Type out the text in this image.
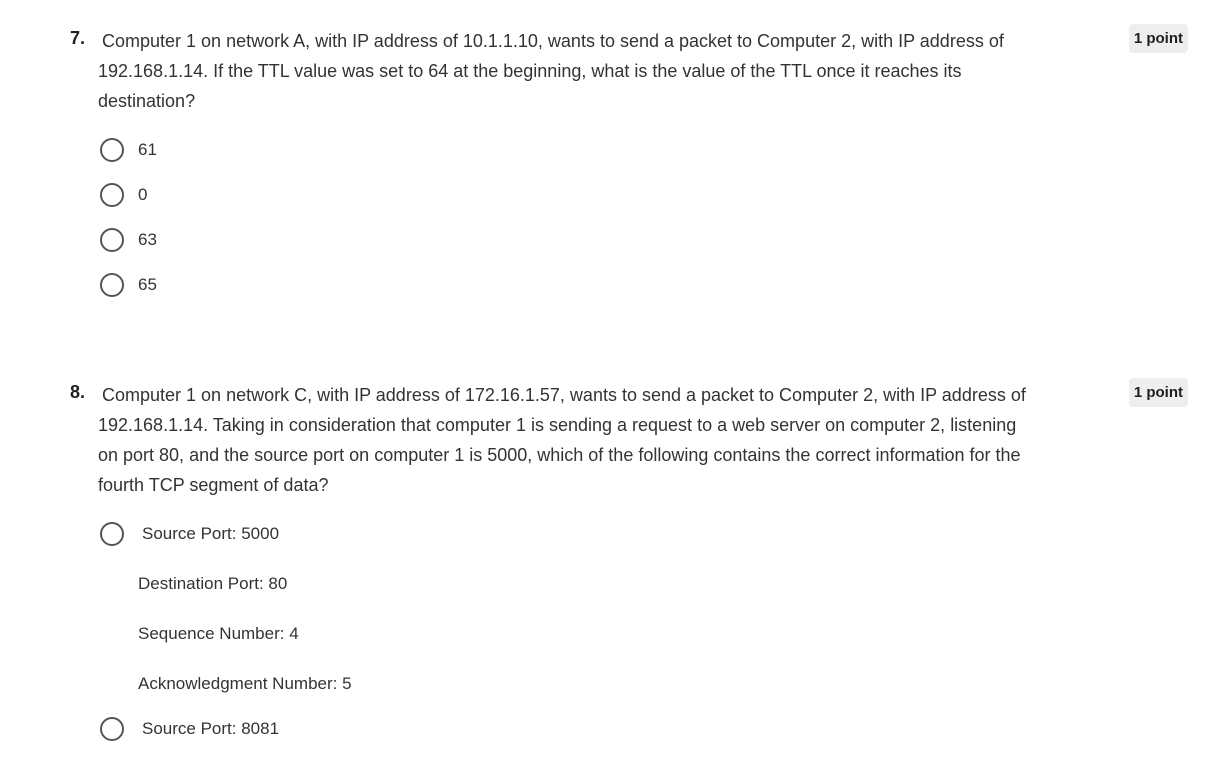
7. Computer 1 on network A, with IP address of 10.1.1.10, wants to send a packet to Computer 2, with IP address of 192.168.1.14. If the TTL value was set to 64 at the beginning, what is the value of the TTL once it reaches its destination?
1 point
61
0
63
65
8. Computer 1 on network C, with IP address of 172.16.1.57, wants to send a packet to Computer 2, with IP address of 192.168.1.14. Taking in consideration that computer 1 is sending a request to a web server on computer 2, listening on port 80, and the source port on computer 1 is 5000, which of the following contains the correct information for the fourth TCP segment of data?
1 point
Source Port: 5000
Destination Port: 80
Sequence Number: 4
Acknowledgment Number: 5
Source Port: 8081
